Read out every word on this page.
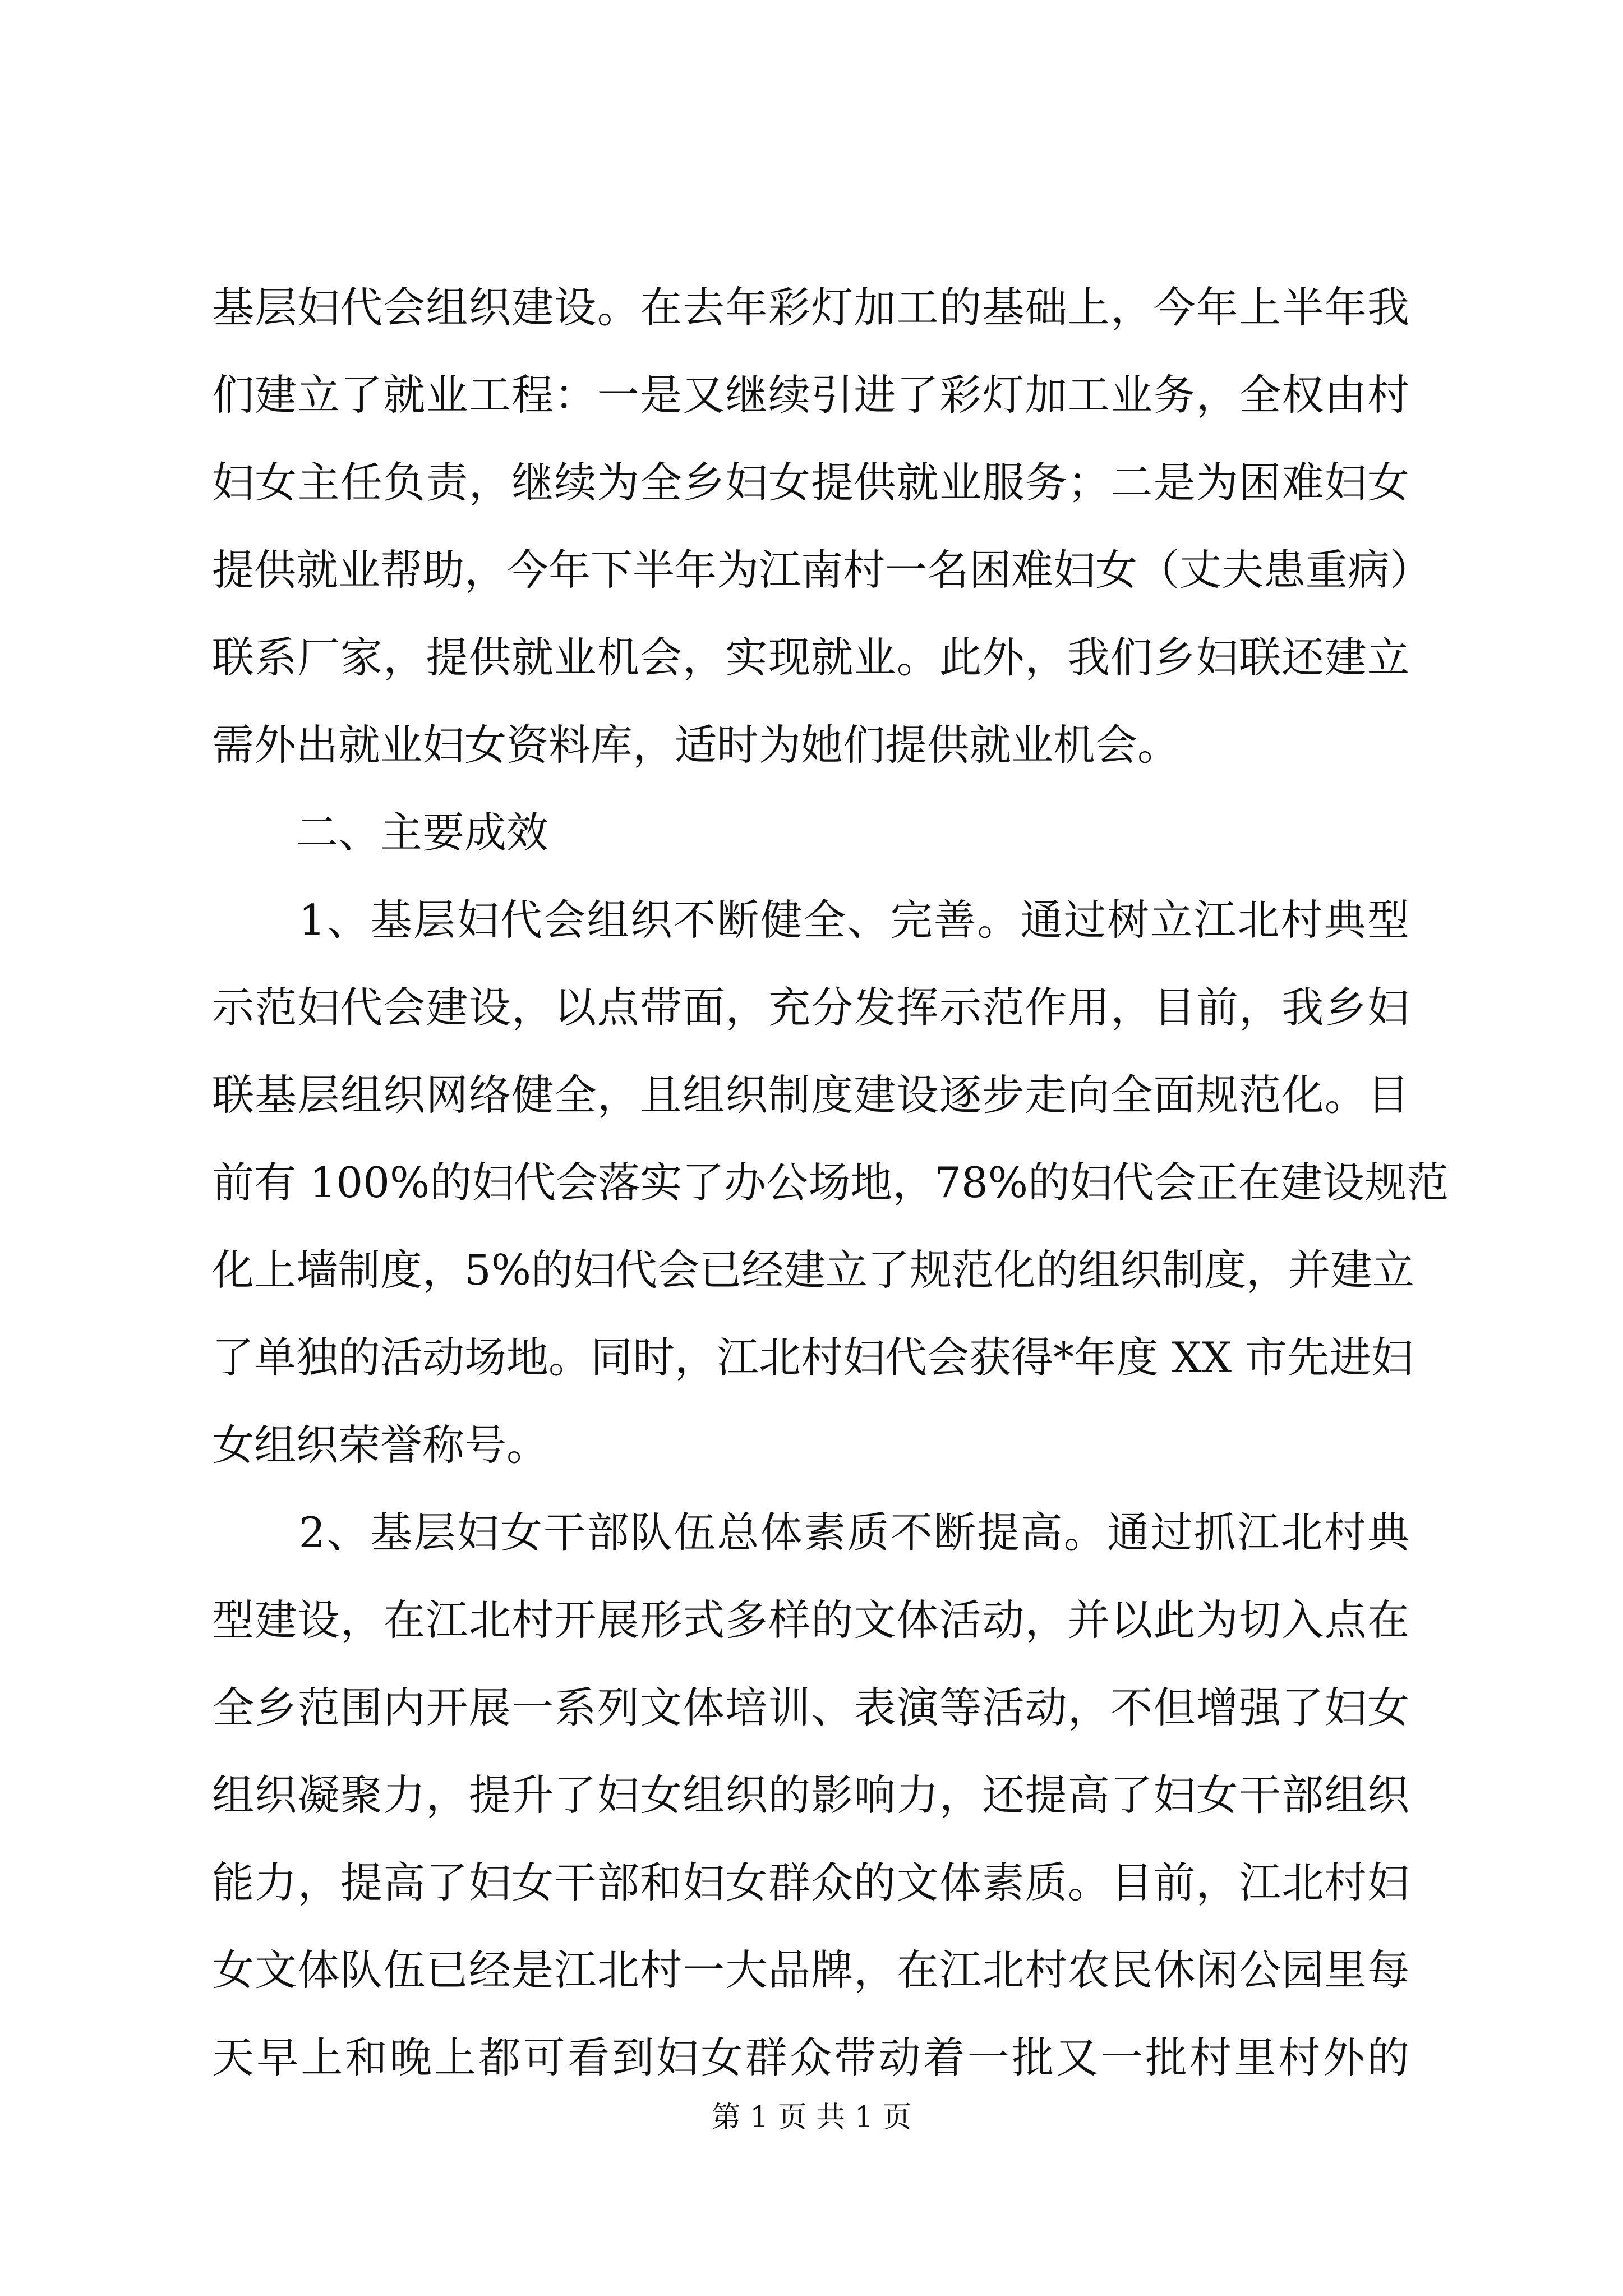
基层妇代会组织建设。在去年彩灯加工的基础上，今年上半年我
们建立了就业工程：一是又继续引进了彩灯加工业务，全权由村
妇女主任负责，继续为全乡妇女提供就业服务；二是为困难妇女
提供就业帮助，今年下半年为江南村一名困难妇女（丈夫患重病）
联系厂家，提供就业机会，实现就业。此外，我们乡妇联还建立
需外出就业妇女资料库，适时为她们提供就业机会。
　　二、主要成效
　　1、基层妇代会组织不断健全、完善。通过树立江北村典型
示范妇代会建设，以点带面，充分发挥示范作用，目前，我乡妇
联基层组织网络健全，且组织制度建设逐步走向全面规范化。目
前有 100%的妇代会落实了办公场地，78%的妇代会正在建设规范
化上墙制度，5%的妇代会已经建立了规范化的组织制度，并建立
了单独的活动场地。同时，江北村妇代会获得*年度 XX 市先进妇
女组织荣誉称号。
　　2、基层妇女干部队伍总体素质不断提高。通过抓江北村典
型建设，在江北村开展形式多样的文体活动，并以此为切入点在
全乡范围内开展一系列文体培训、表演等活动，不但增强了妇女
组织凝聚力，提升了妇女组织的影响力，还提高了妇女干部组织
能力，提高了妇女干部和妇女群众的文体素质。目前，江北村妇
女文体队伍已经是江北村一大品牌，在江北村农民休闲公园里每
天早上和晚上都可看到妇女群众带动着一批又一批村里村外的
第 1 页 共 1 页
